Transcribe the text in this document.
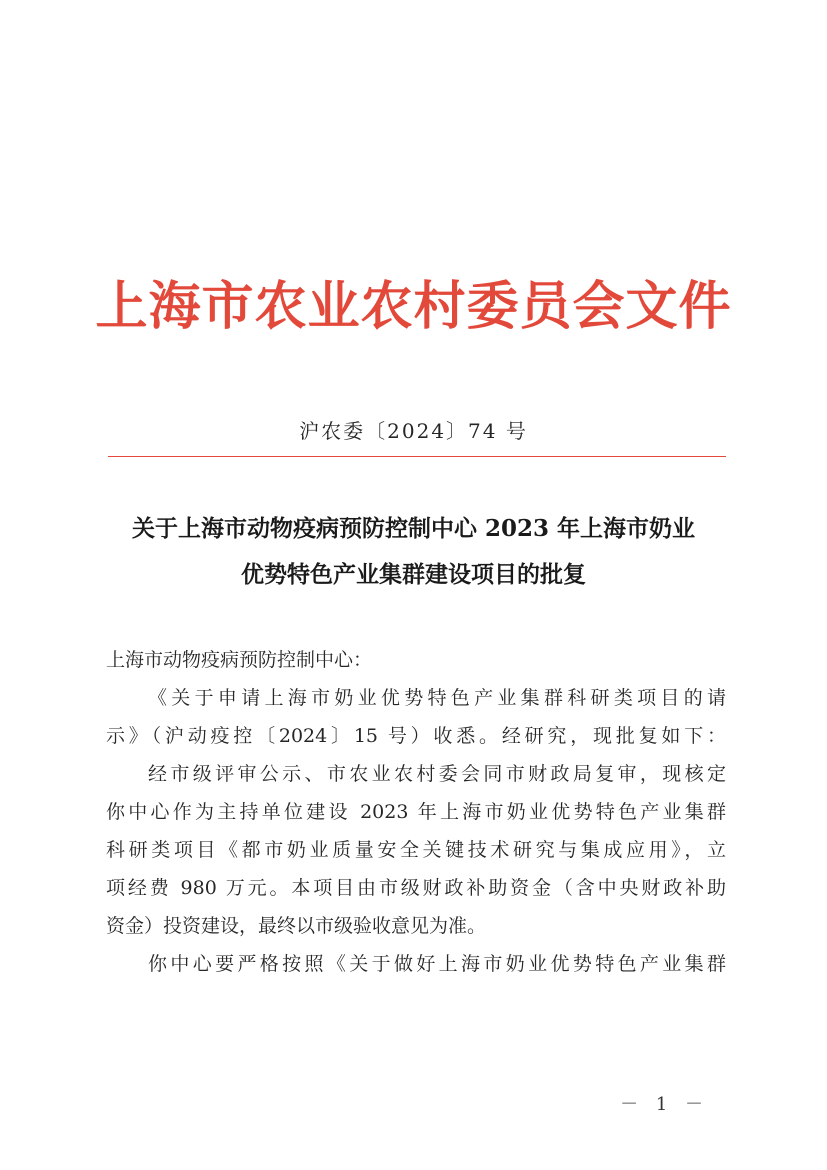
上海市农业农村委员会文件
沪农委〔2024〕74 号
关于上海市动物疫病预防控制中心 2023 年上海市奶业
优势特色产业集群建设项目的批复
上海市动物疫病预防控制中心：
《关于申请上海市奶业优势特色产业集群科研类项目的请
示》（沪动疫控〔2024〕15 号）收悉。经研究，现批复如下：
经市级评审公示、市农业农村委会同市财政局复审，现核定
你中心作为主持单位建设 2023 年上海市奶业优势特色产业集群
科研类项目《都市奶业质量安全关键技术研究与集成应用》，立
项经费 980 万元。本项目由市级财政补助资金（含中央财政补助
资金）投资建设，最终以市级验收意见为准。
你中心要严格按照《关于做好上海市奶业优势特色产业集群
－ 1 －
